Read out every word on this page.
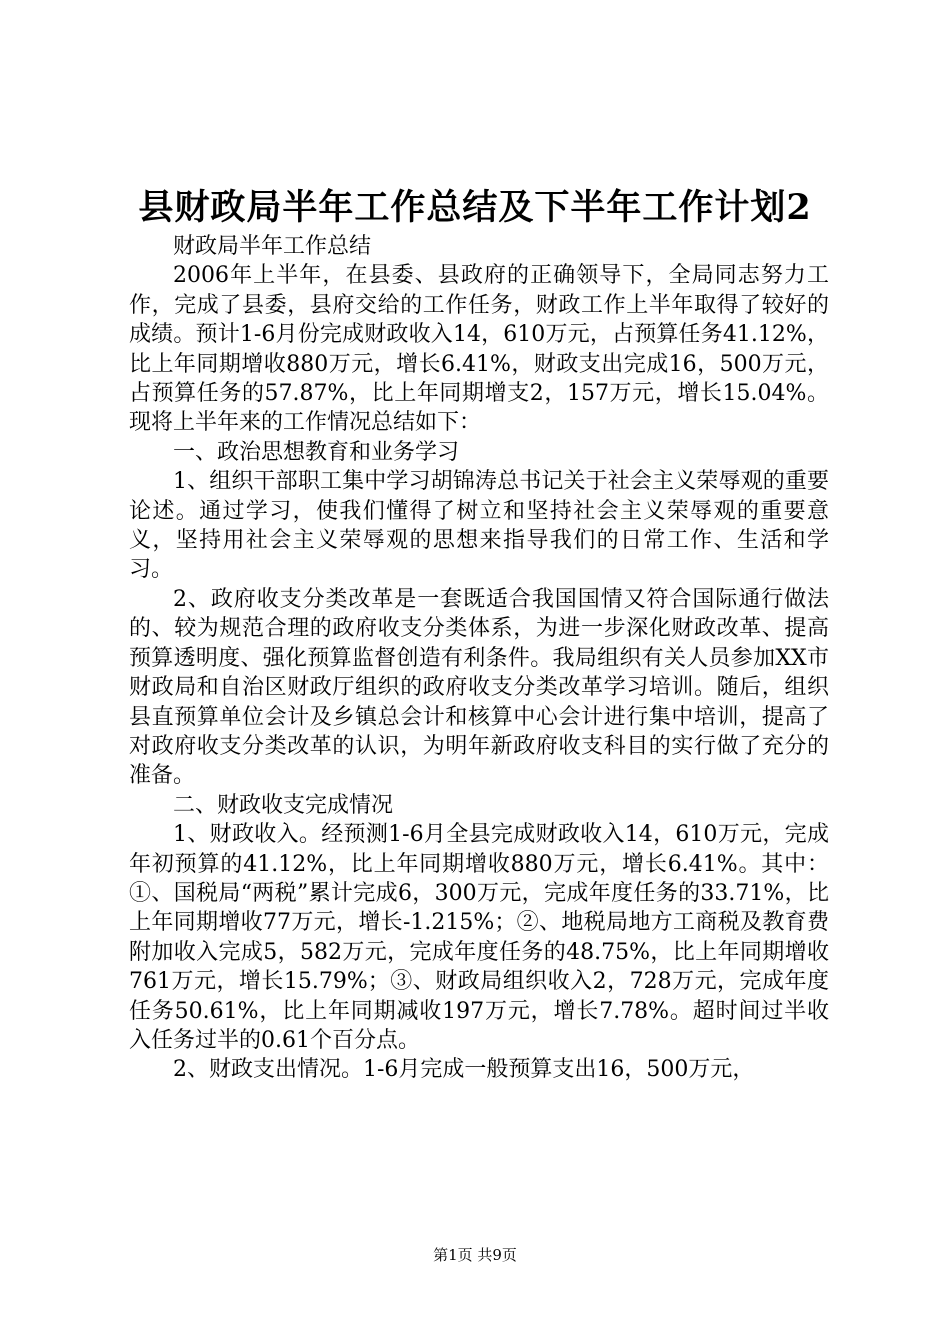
县财政局半年工作总结及下半年工作计划2

财政局半年工作总结

2006年上半年，在县委、县政府的正确领导下，全局同志努力工作，完成了县委，县府交给的工作任务，财政工作上半年取得了较好的成绩。预计1-6月份完成财政收入14，610万元，占预算任务41.12%，比上年同期增收880万元，增长6.41%，财政支出完成16，500万元，占预算任务的57.87%，比上年同期增支2，157万元，增长15.04%。现将上半年来的工作情况总结如下：

一、政治思想教育和业务学习

1、组织干部职工集中学习胡锦涛总书记关于社会主义荣辱观的重要论述。通过学习，使我们懂得了树立和坚持社会主义荣辱观的重要意义，坚持用社会主义荣辱观的思想来指导我们的日常工作、生活和学习。

2、政府收支分类改革是一套既适合我国国情又符合国际通行做法的、较为规范合理的政府收支分类体系，为进一步深化财政改革、提高预算透明度、强化预算监督创造有利条件。我局组织有关人员参加XX市财政局和自治区财政厅组织的政府收支分类改革学习培训。随后，组织县直预算单位会计及乡镇总会计和核算中心会计进行集中培训，提高了对政府收支分类改革的认识，为明年新政府收支科目的实行做了充分的准备。

二、财政收支完成情况

1、财政收入。经预测1-6月全县完成财政收入14，610万元，完成年初预算的41.12%，比上年同期增收880万元，增长6.41%。其中：①、国税局“两税”累计完成6，300万元，完成年度任务的33.71%，比上年同期增收77万元，增长-1.215%；②、地税局地方工商税及教育费附加收入完成5，582万元，完成年度任务的48.75%，比上年同期增收761万元，增长15.79%；③、财政局组织收入2，728万元，完成年度任务50.61%，比上年同期减收197万元，增长7.78%。超时间过半收入任务过半的0.61个百分点。

2、财政支出情况。1-6月完成一般预算支出16，500万元，

第1页 共9页
